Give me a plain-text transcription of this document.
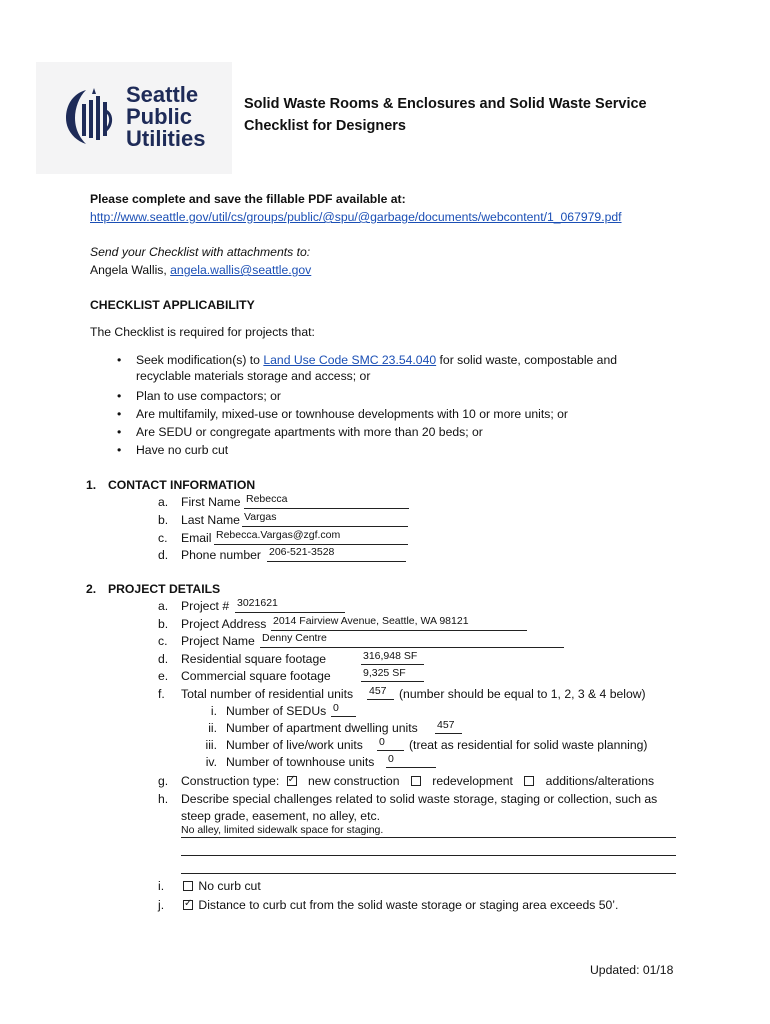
Seattle
Public
Utilities
Solid Waste Rooms & Enclosures and Solid Waste Service
Checklist for Designers
Please complete and save the fillable PDF available at:
http://www.seattle.gov/util/cs/groups/public/@spu/@garbage/documents/webcontent/1_067979.pdf
Send your Checklist with attachments to:
Angela Wallis, angela.wallis@seattle.gov
CHECKLIST APPLICABILITY
The Checklist is required for projects that:
•	Seek modification(s) to Land Use Code SMC 23.54.040 for solid waste, compostable and
recyclable materials storage and access; or
•	Plan to use compactors; or
•	Are multifamily, mixed-use or townhouse developments with 10 or more units; or
•	Are SEDU or congregate apartments with more than 20 beds; or
•	Have no curb cut
1. CONTACT INFORMATION
a. First Name Rebecca
b. Last Name Vargas
c. Email Rebecca.Vargas@zgf.com
d. Phone number 206-521-3528
2. PROJECT DETAILS
a. Project # 3021621
b. Project Address 2014 Fairview Avenue, Seattle, WA 98121
c. Project Name Denny Centre
d. Residential square footage	316,948 SF
e. Commercial square footage	9,325 SF
f. Total number of residential units 457 (number should be equal to 1, 2, 3 & 4 below)
i. Number of SEDUs 0
ii. Number of apartment dwelling units 457
iii. Number of live/work units 0 (treat as residential for solid waste planning)
iv. Number of townhouse units 0
g. Construction type: ✓ new construction	redevelopment	additions/alterations
h. Describe special challenges related to solid waste storage, staging or collection, such as
steep grade, easement, no alley, etc.
No alley, limited sidewalk space for staging.
i.	No curb cut
j. ✓	Distance to curb cut from the solid waste storage or staging area exceeds 50’.
Updated: 01/18
